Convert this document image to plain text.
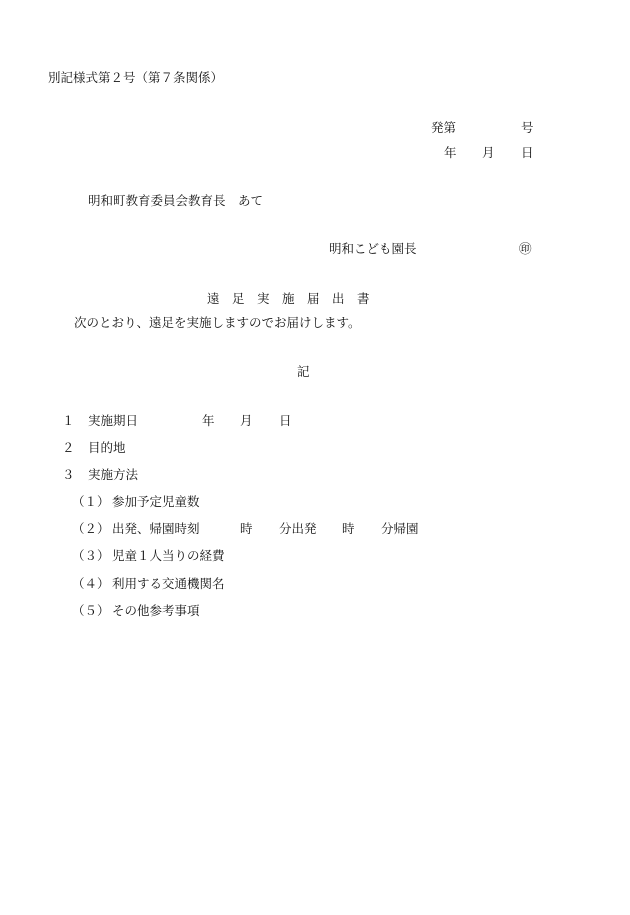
別記様式第２号（第７条関係）
発第	号
年 月 日
明和町教育委員会教育長　あて
明和こども園長	㊞
遠　足　実　施　届　出　書
次のとおり、遠足を実施しますのでお届けします。
記
１ 実施期日	年 月 日
２ 目的地
３ 実施方法
（１） 参加予定児童数
（２） 出発、帰園時刻	時 分出発 時 分帰園
（３） 児童１人当りの経費
（４） 利用する交通機関名
（５） その他参考事項
